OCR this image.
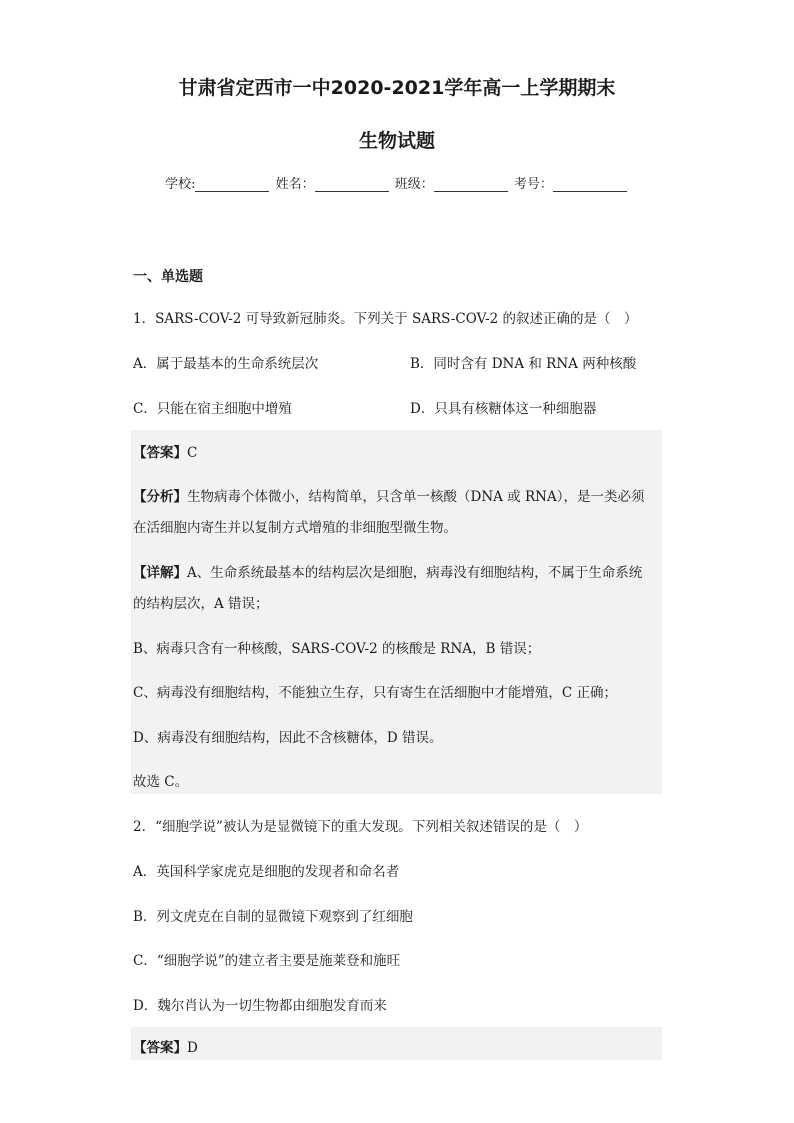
甘肃省定西市一中2020-2021学年高一上学期期末
生物试题
学校:	姓名：	班级：	考号：
一、单选题
1．SARS-COV-2 可导致新冠肺炎。下列关于 SARS-COV-2 的叙述正确的是（　）
A．属于最基本的生命系统层次	B．同时含有 DNA 和 RNA 两种核酸
C．只能在宿主细胞中增殖	D．只具有核糖体这一种细胞器
【答案】C
【分析】生物病毒个体微小，结构简单，只含单一核酸（DNA 或 RNA），是一类必须
在活细胞内寄生并以复制方式增殖的非细胞型微生物。
【详解】A、生命系统最基本的结构层次是细胞，病毒没有细胞结构，不属于生命系统
的结构层次，A 错误；
B、病毒只含有一种核酸，SARS-COV-2 的核酸是 RNA，B 错误；
C、病毒没有细胞结构，不能独立生存，只有寄生在活细胞中才能增殖，C 正确；
D、病毒没有细胞结构，因此不含核糖体，D 错误。
故选 C。
2．“细胞学说”被认为是显微镜下的重大发现。下列相关叙述错误的是（　）
A．英国科学家虎克是细胞的发现者和命名者
B．列文虎克在自制的显微镜下观察到了红细胞
C．“细胞学说”的建立者主要是施莱登和施旺
D．魏尔肖认为一切生物都由细胞发育而来
【答案】D
